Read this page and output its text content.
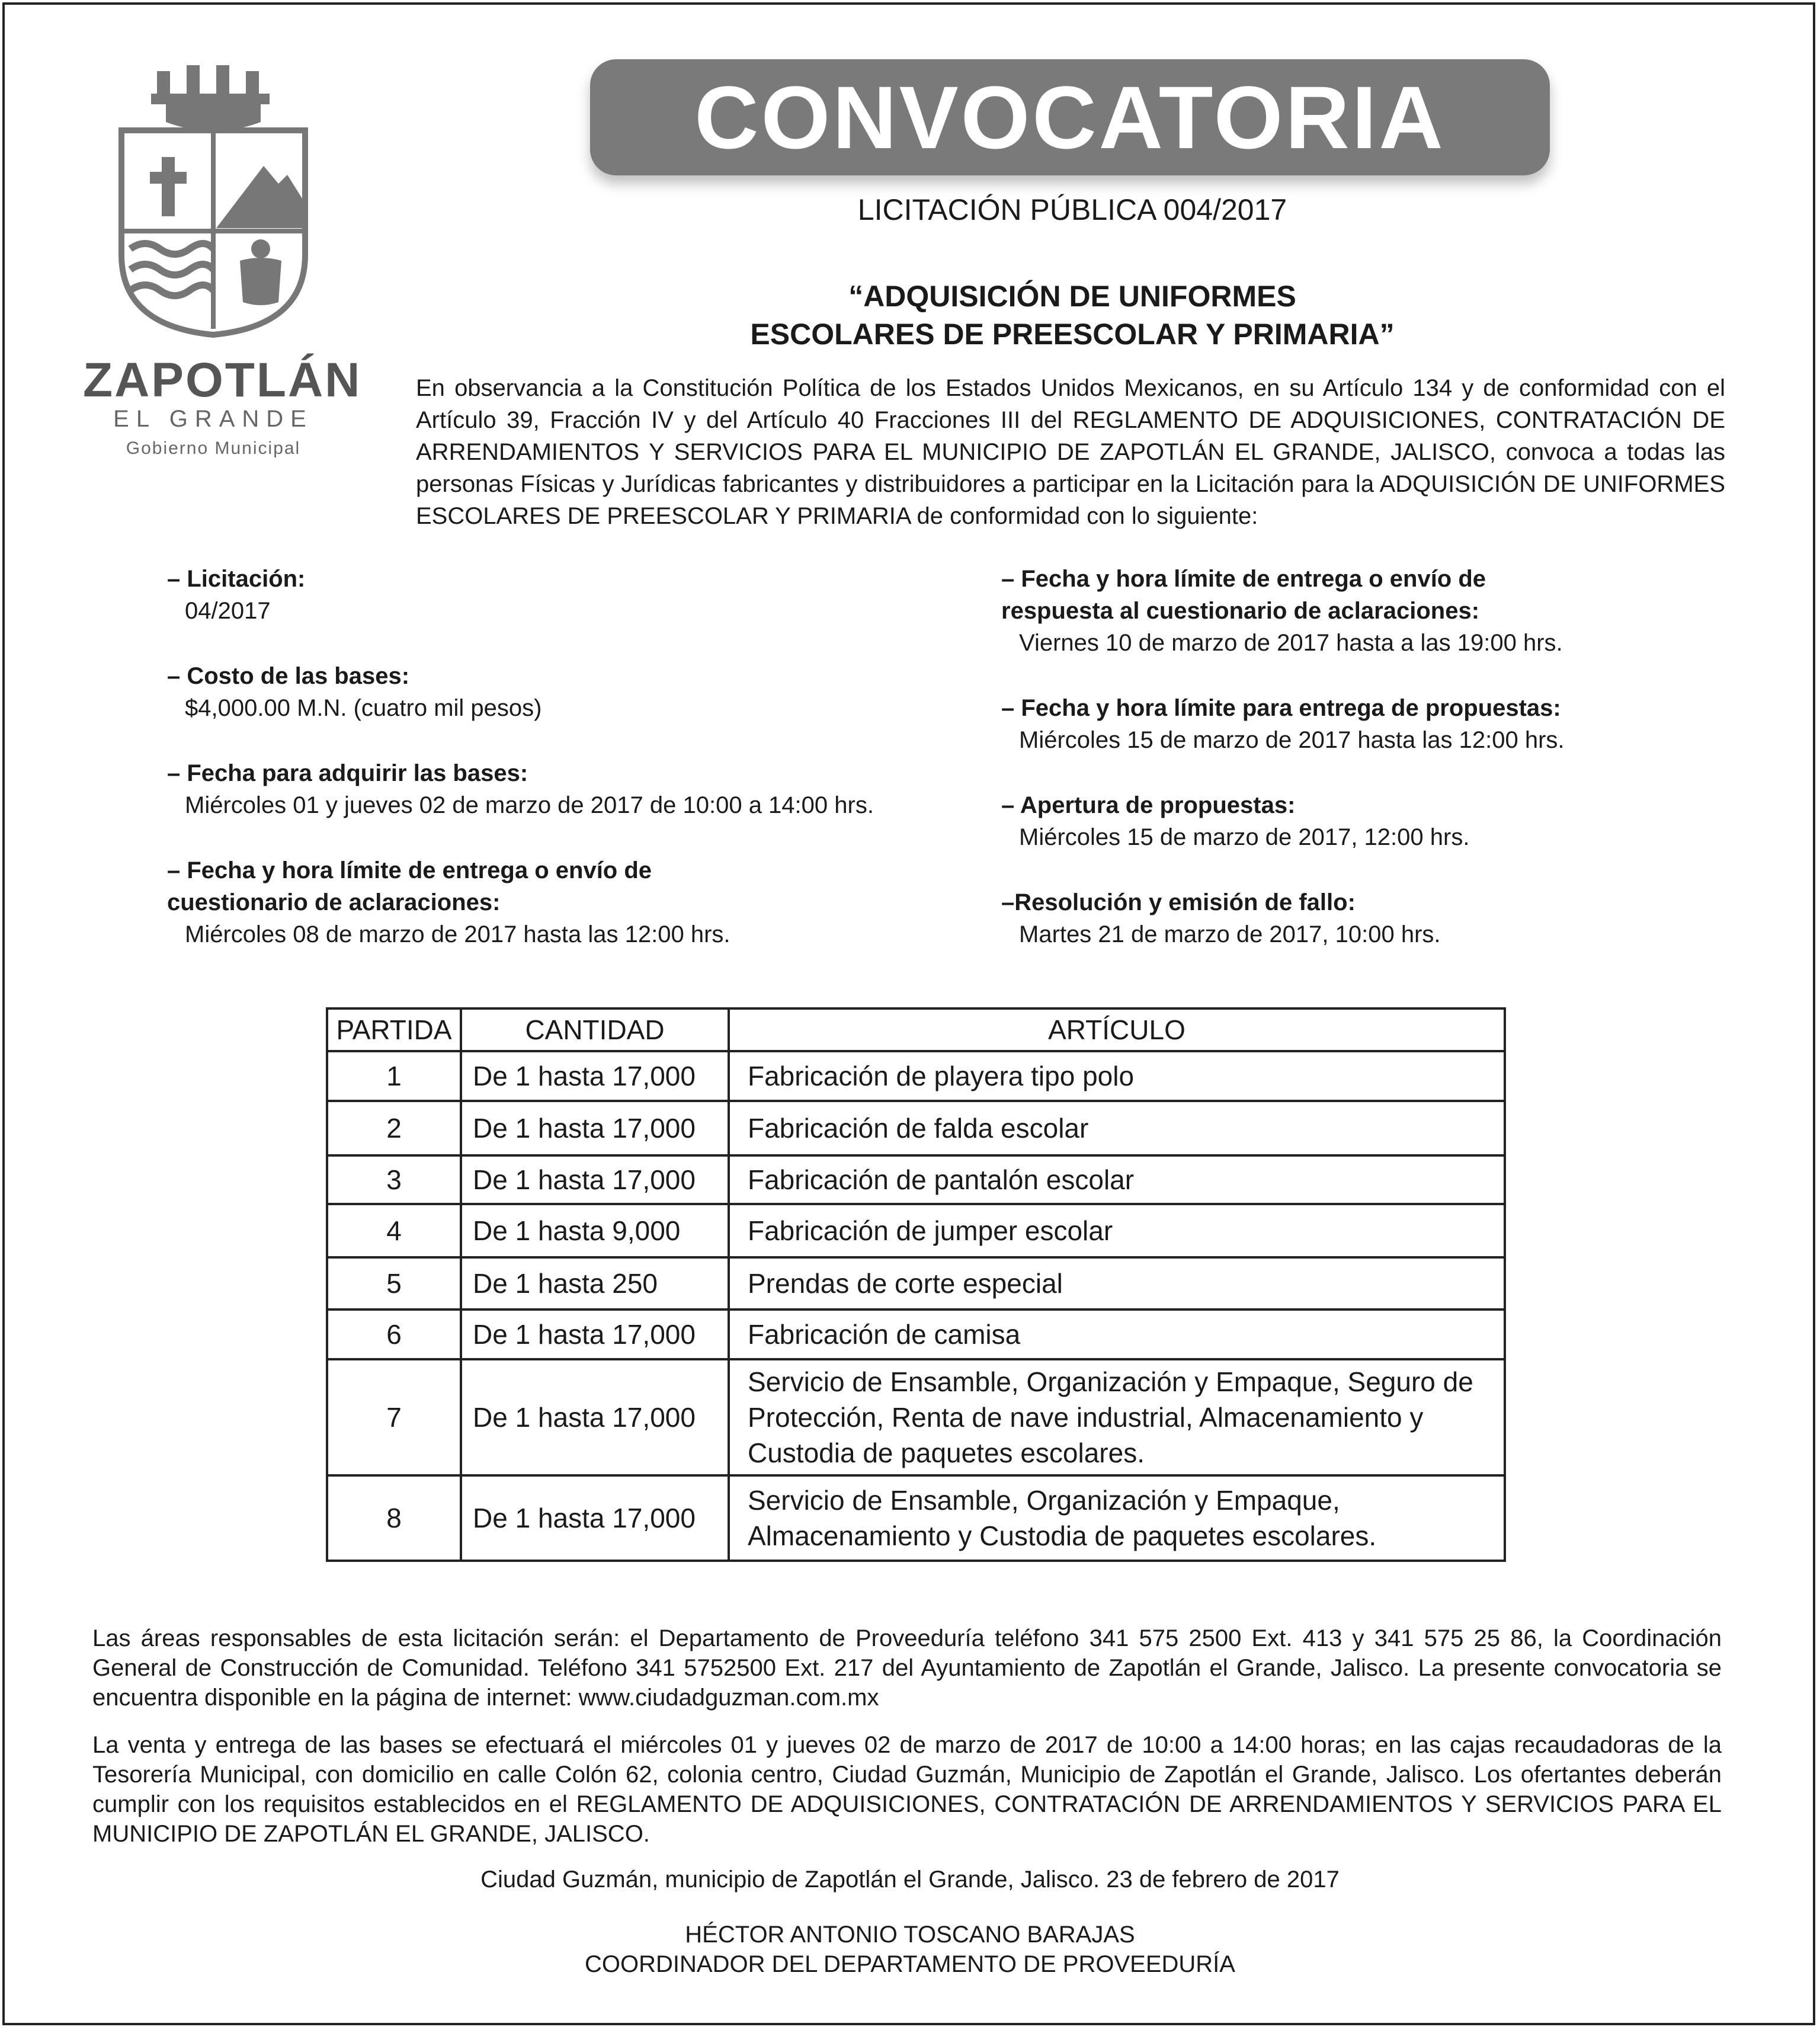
ZAPOTLÁN
EL GRANDE
Gobierno Municipal
CONVOCATORIA
LICITACIÓN PÚBLICA 004/2017
“ADQUISICIÓN DE UNIFORMES
ESCOLARES DE PREESCOLAR Y PRIMARIA”
En observancia a la Constitución Política de los Estados Unidos Mexicanos, en su Artículo 134 y de conformidad con el Artículo 39, Fracción IV y del Artículo 40 Fracciones III del REGLAMENTO DE ADQUISICIONES, CONTRATACIÓN DE ARRENDAMIENTOS Y SERVICIOS PARA EL MUNICIPIO DE ZAPOTLÁN EL GRANDE, JALISCO, convoca a todas las personas Físicas y Jurídicas fabricantes y distribuidores a participar en la Licitación para la ADQUISICIÓN DE UNIFORMES ESCOLARES DE PREESCOLAR Y PRIMARIA de conformidad con lo siguiente:
– Licitación:
04/2017
– Costo de las bases:
$4,000.00 M.N. (cuatro mil pesos)
– Fecha para adquirir las bases:
Miércoles 01 y jueves 02 de marzo de 2017 de 10:00 a 14:00 hrs.
– Fecha y hora límite de entrega o envío de
cuestionario de aclaraciones:
Miércoles 08 de marzo de 2017 hasta las 12:00 hrs.
– Fecha y hora límite de entrega o envío de
respuesta al cuestionario de aclaraciones:
Viernes 10 de marzo de 2017 hasta a las 19:00 hrs.
– Fecha y hora límite para entrega de propuestas:
Miércoles 15 de marzo de 2017 hasta las 12:00 hrs.
– Apertura de propuestas:
Miércoles 15 de marzo de 2017, 12:00 hrs.
–Resolución y emisión de fallo:
Martes 21 de marzo de 2017, 10:00 hrs.
PARTIDA	CANTIDAD	ARTÍCULO
1	De 1 hasta 17,000	Fabricación de playera tipo polo
2	De 1 hasta 17,000	Fabricación de falda escolar
3	De 1 hasta 17,000	Fabricación de pantalón escolar
4	De 1 hasta 9,000	Fabricación de jumper escolar
5	De 1 hasta 250	Prendas de corte especial
6	De 1 hasta 17,000	Fabricación de camisa
7	De 1 hasta 17,000	Servicio de Ensamble, Organización y Empaque, Seguro de Protección, Renta de nave industrial, Almacenamiento y Custodia de paquetes escolares.
8	De 1 hasta 17,000	Servicio de Ensamble, Organización y Empaque, Almacenamiento y Custodia de paquetes escolares.
Las áreas responsables de esta licitación serán: el Departamento de Proveeduría teléfono 341 575 2500 Ext. 413 y 341 575 25 86, la Coordinación General de Construcción de Comunidad. Teléfono 341 5752500 Ext. 217 del Ayuntamiento de Zapotlán el Grande, Jalisco. La presente convocatoria se encuentra disponible en la página de internet: www.ciudadguzman.com.mx
La venta y entrega de las bases se efectuará el miércoles 01 y jueves 02 de marzo de 2017 de 10:00 a 14:00 horas; en las cajas recaudadoras de la Tesorería Municipal, con domicilio en calle Colón 62, colonia centro, Ciudad Guzmán, Municipio de Zapotlán el Grande, Jalisco. Los ofertantes deberán cumplir con los requisitos establecidos en el REGLAMENTO DE ADQUISICIONES, CONTRATACIÓN DE ARRENDAMIENTOS Y SERVICIOS PARA EL MUNICIPIO DE ZAPOTLÁN EL GRANDE, JALISCO.
Ciudad Guzmán, municipio de Zapotlán el Grande, Jalisco. 23 de febrero de 2017
HÉCTOR ANTONIO TOSCANO BARAJAS
COORDINADOR DEL DEPARTAMENTO DE PROVEEDURÍA
